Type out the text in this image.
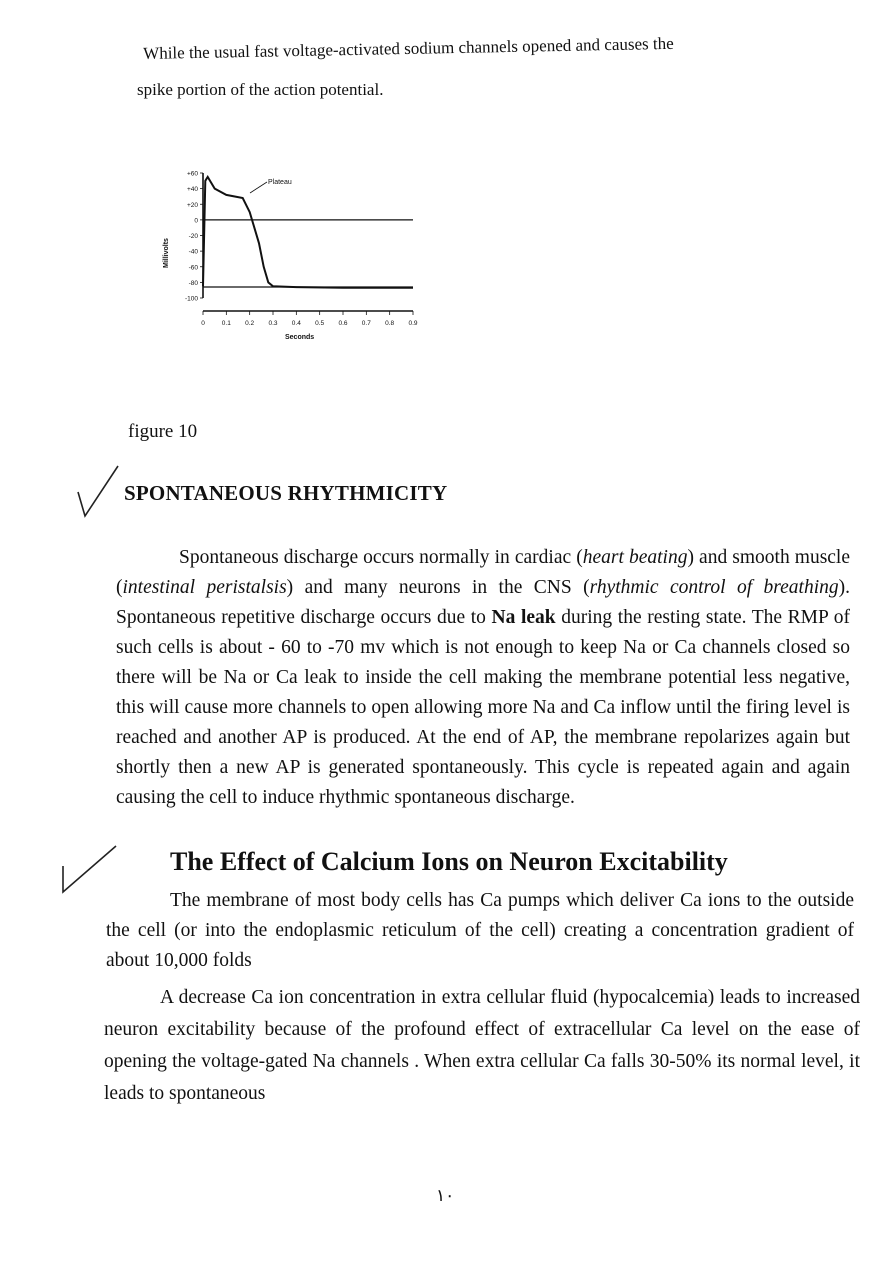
While the usual fast voltage-activated sodium channels opened and causes the
spike portion of the action potential.
+60
+40
+20
0
-20
-40
-60
-80
-100
0	0.1 0.2 0.3 0.4 0.5 0.6 0.7 0.8 0.9
Plateau
Millivolts
Seconds
figure 10
SPONTANEOUS RHYTHMICITY
Spontaneous discharge occurs normally in cardiac (heart beating) and smooth muscle (intestinal peristalsis) and many neurons in the CNS (rhythmic control of breathing). Spontaneous repetitive discharge occurs due to Na leak during the resting state. The RMP of such cells is about - 60 to -70 mv which is not enough to keep Na or Ca channels closed so there will be Na or Ca leak to inside the cell making the membrane potential less negative, this will cause more channels to open allowing more Na and Ca inflow until the firing level is reached and another AP is produced. At the end of AP, the membrane repolarizes again but shortly then a new AP is generated spontaneously. This cycle is repeated again and again causing the cell to induce rhythmic spontaneous discharge.
The Effect of Calcium Ions on Neuron Excitability
The membrane of most body cells has Ca pumps which deliver Ca ions to the outside the cell (or into the endoplasmic reticulum of the cell) creating a concentration gradient of about 10,000 folds
A decrease Ca ion concentration in extra cellular fluid (hypocalcemia) leads to increased neuron excitability because of the profound effect of extracellular Ca level on the ease of opening the voltage-gated Na channels . When extra cellular Ca falls 30-50% its normal level, it leads to spontaneous
١٠
